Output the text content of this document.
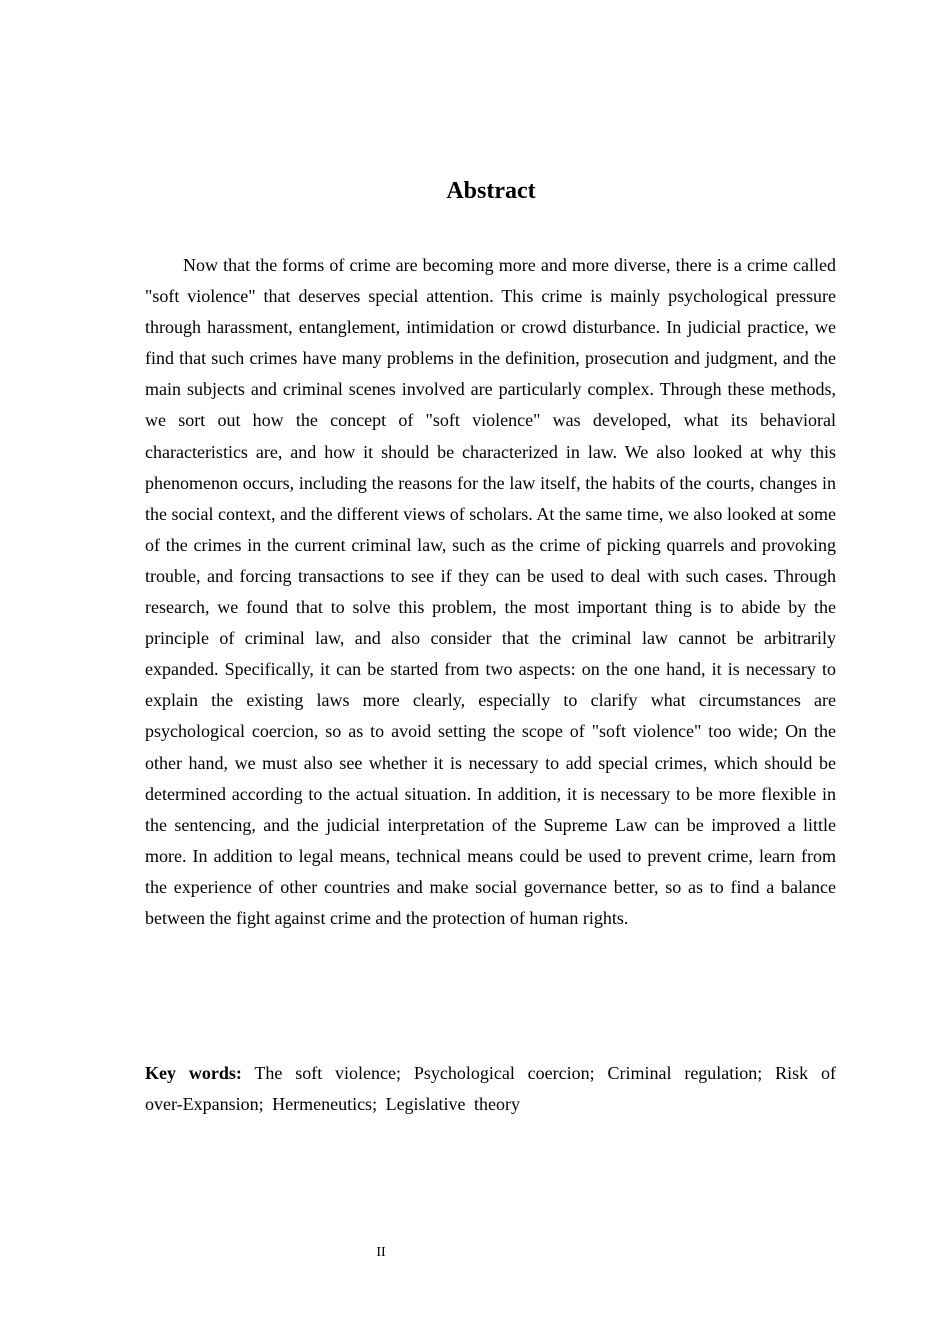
Abstract

Now that the forms of crime are becoming more and more diverse, there is a crime called "soft violence" that deserves special attention. This crime is mainly psychological pressure through harassment, entanglement, intimidation or crowd disturbance. In judicial practice, we find that such crimes have many problems in the definition, prosecution and judgment, and the main subjects and criminal scenes involved are particularly complex. Through these methods, we sort out how the concept of "soft violence" was developed, what its behavioral characteristics are, and how it should be characterized in law. We also looked at why this phenomenon occurs, including the reasons for the law itself, the habits of the courts, changes in the social context, and the different views of scholars. At the same time, we also looked at some of the crimes in the current criminal law, such as the crime of picking quarrels and provoking trouble, and forcing transactions to see if they can be used to deal with such cases. Through research, we found that to solve this problem, the most important thing is to abide by the principle of criminal law, and also consider that the criminal law cannot be arbitrarily expanded. Specifically, it can be started from two aspects: on the one hand, it is necessary to explain the existing laws more clearly, especially to clarify what circumstances are psychological coercion, so as to avoid setting the scope of "soft violence" too wide; On the other hand, we must also see whether it is necessary to add special crimes, which should be determined according to the actual situation. In addition, it is necessary to be more flexible in the sentencing, and the judicial interpretation of the Supreme Law can be improved a little more. In addition to legal means, technical means could be used to prevent crime, learn from the experience of other countries and make social governance better, so as to find a balance between the fight against crime and the protection of human rights.

Key words: The soft violence; Psychological coercion; Criminal regulation; Risk of over-Expansion; Hermeneutics; Legislative theory

II
